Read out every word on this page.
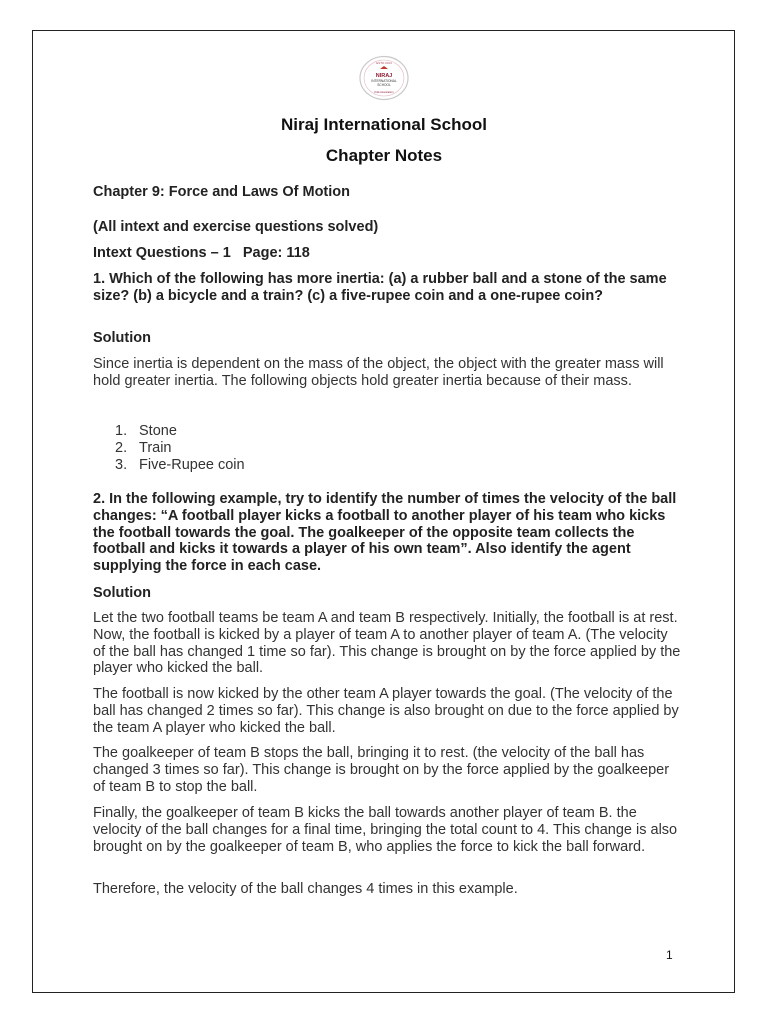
ESTD 2013
NIRAJ
INTERNATIONAL
SCHOOL
Kids Association
Niraj International School
Chapter Notes
Chapter 9: Force and Laws Of Motion
(All intext and exercise questions solved)
Intext Questions – 1   Page: 118
1. Which of the following has more inertia: (a) a rubber ball and a stone of the same size? (b) a bicycle and a train? (c) a five-rupee coin and a one-rupee coin?
Solution
Since inertia is dependent on the mass of the object, the object with the greater mass will hold greater inertia. The following objects hold greater inertia because of their mass.
1. Stone
2. Train
3. Five-Rupee coin
2. In the following example, try to identify the number of times the velocity of the ball changes: “A football player kicks a football to another player of his team who kicks the football towards the goal. The goalkeeper of the opposite team collects the football and kicks it towards a player of his own team”. Also identify the agent supplying the force in each case.
Solution
Let the two football teams be team A and team B respectively. Initially, the football is at rest. Now, the football is kicked by a player of team A to another player of team A. (The velocity of the ball has changed 1 time so far). This change is brought on by the force applied by the player who kicked the ball.
The football is now kicked by the other team A player towards the goal. (The velocity of the ball has changed 2 times so far). This change is also brought on due to the force applied by the team A player who kicked the ball.
The goalkeeper of team B stops the ball, bringing it to rest. (the velocity of the ball has changed 3 times so far). This change is brought on by the force applied by the goalkeeper of team B to stop the ball.
Finally, the goalkeeper of team B kicks the ball towards another player of team B. the velocity of the ball changes for a final time, bringing the total count to 4. This change is also brought on by the goalkeeper of team B, who applies the force to kick the ball forward.
Therefore, the velocity of the ball changes 4 times in this example.
1
